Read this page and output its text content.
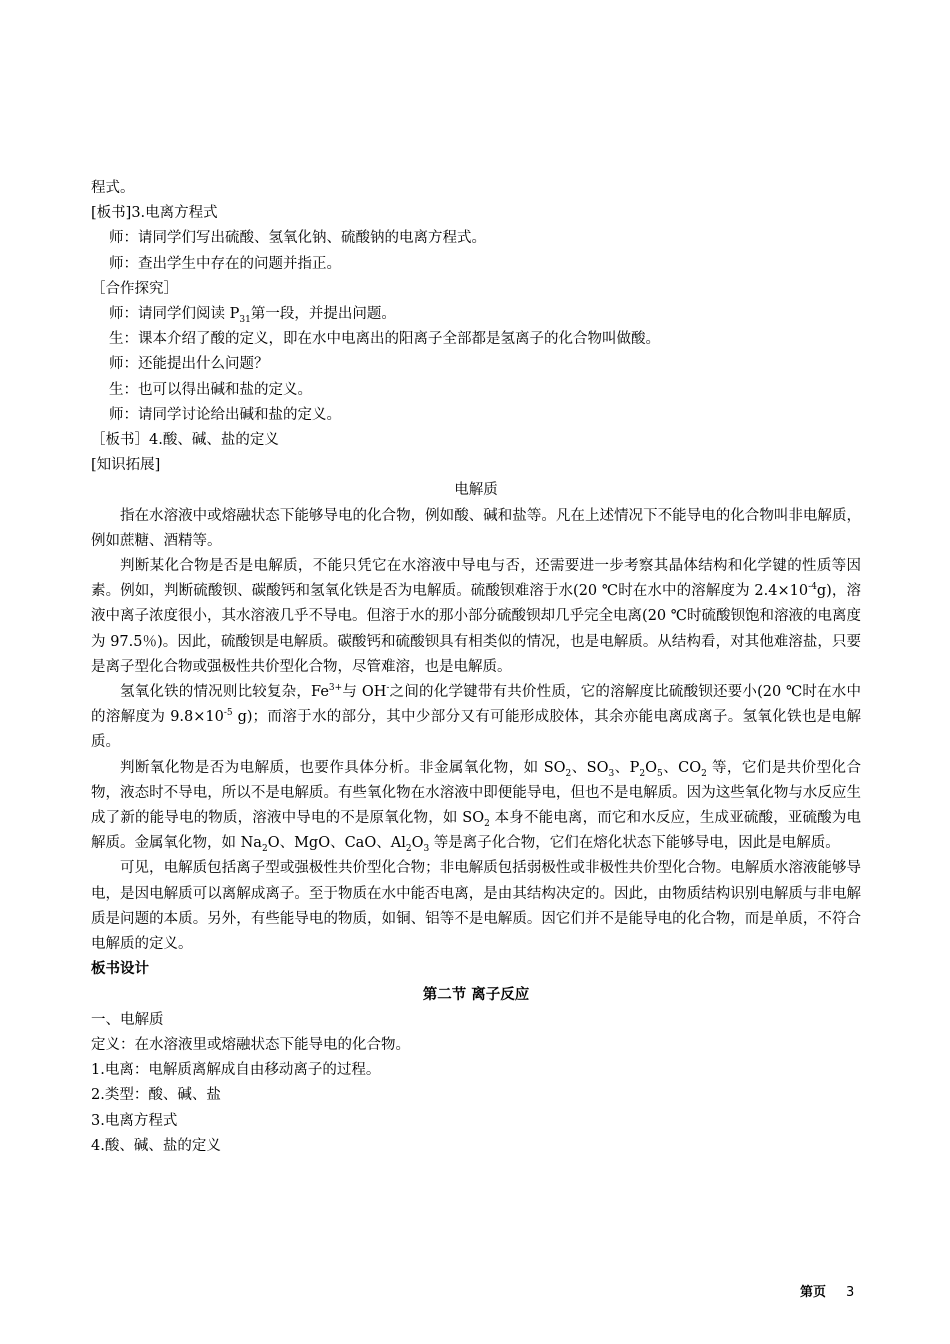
程式。
[板书]3.电离方程式
师：请同学们写出硫酸、氢氧化钠、硫酸钠的电离方程式。
师：查出学生中存在的问题并指正。
［合作探究］
师：请同学们阅读 $P_{31}$第一段，并提出问题。
生：课本介绍了酸的定义，即在水中电离出的阳离子全部都是氢离子的化合物叫做酸。
师：还能提出什么问题？
生：也可以得出碱和盐的定义。
师：请同学讨论给出碱和盐的定义。
［板书］4.酸、碱、盐的定义
[知识拓展]
电解质

指在水溶液中或熔融状态下能够导电的化合物，例如酸、碱和盐等。凡在上述情况下不能导电的化合物叫非电解质，例如蔗糖、酒精等。

判断某化合物是否是电解质，不能只凭它在水溶液中导电与否，还需要进一步考察其晶体结构和化学键的性质等因素。例如，判断硫酸钡、碳酸钙和氢氧化铁是否为电解质。硫酸钡难溶于水(20 ℃时在水中的溶解度为 $2.4\times 10^{-4}g$)，溶液中离子浓度很小，其水溶液几乎不导电。但溶于水的那小部分硫酸钡却几乎完全电离(20 ℃时硫酸钡饱和溶液的电离度为 97.5％)。因此，硫酸钡是电解质。碳酸钙和硫酸钡具有相类似的情况，也是电解质。从结构看，对其他难溶盐，只要是离子型化合物或强极性共价型化合物，尽管难溶，也是电解质。

氢氧化铁的情况则比较复杂，$Fe^{3+}$与 OH-之间的化学键带有共价性质，它的溶解度比硫酸钡还要小(20 ℃时在水中的溶解度为 $9.8\times 10^{-5}$ g)；而溶于水的部分，其中少部分又有可能形成胶体，其余亦能电离成离子。氢氧化铁也是电解质。

判断氧化物是否为电解质，也要作具体分析。非金属氧化物，如 $SO_2$、$SO_3$、$P_2O_5$、$CO_2$ 等，它们是共价型化合物，液态时不导电，所以不是电解质。有些氧化物在水溶液中即便能导电，但也不是电解质。因为这些氧化物与水反应生成了新的能导电的物质，溶液中导电的不是原氧化物，如 $SO_2$ 本身不能电离，而它和水反应，生成亚硫酸，亚硫酸为电解质。金属氧化物，如 $Na_2O$、MgO、CaO、$Al_2O_3$ 等是离子化合物，它们在熔化状态下能够导电，因此是电解质。

可见，电解质包括离子型或强极性共价型化合物；非电解质包括弱极性或非极性共价型化合物。电解质水溶液能够导电，是因电解质可以离解成离子。至于物质在水中能否电离，是由其结构决定的。因此，由物质结构识别电解质与非电解质是问题的本质。另外，有些能导电的物质，如铜、铝等不是电解质。因它们并不是能导电的化合物，而是单质，不符合电解质的定义。

板书设计
第二节 离子反应
一、电解质
定义：在水溶液里或熔融状态下能导电的化合物。
1.电离：电解质离解成自由移动离子的过程。
2.类型：酸、碱、盐
3.电离方程式
4.酸、碱、盐的定义
第页 3
